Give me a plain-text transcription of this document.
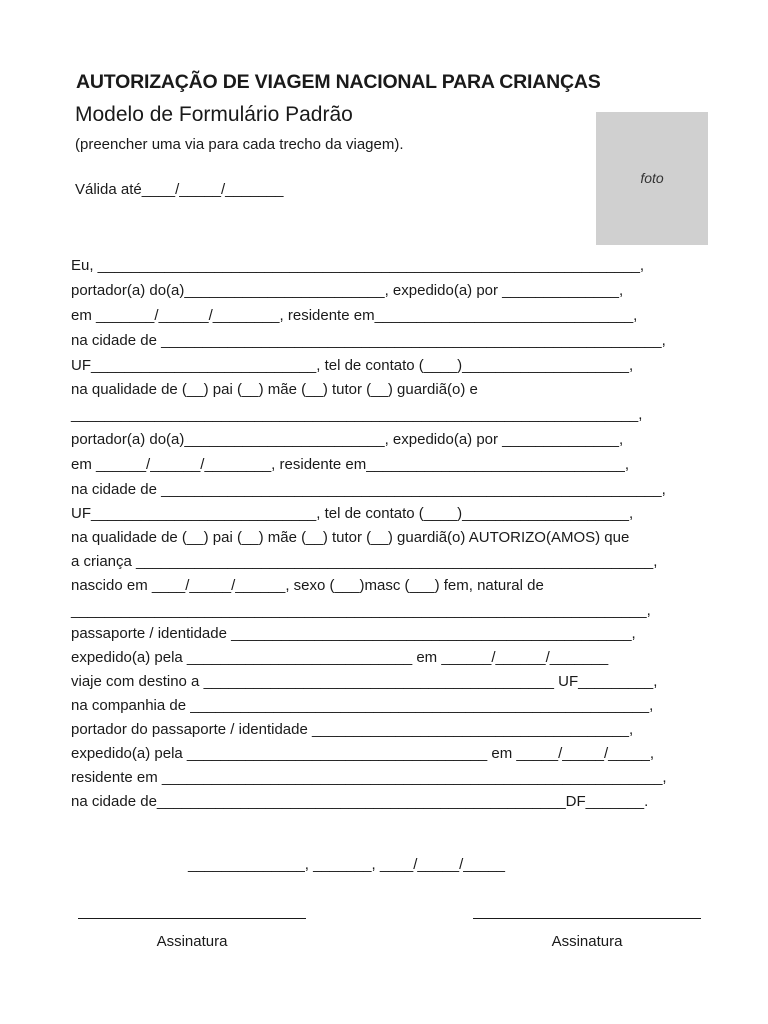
AUTORIZAÇÃO DE VIAGEM NACIONAL PARA CRIANÇAS
Modelo de Formulário Padrão
(preencher uma via para cada trecho da viagem).
Válida até____/_____/_______
foto
Eu, _________________________________________________________________,
portador(a) do(a)________________________, expedido(a) por ______________,
em _______/______/________, residente em_______________________________,
na cidade de ____________________________________________________________,
UF___________________________, tel de contato (____)____________________,
na qualidade de (__) pai (__) mãe (__) tutor (__) guardiã(o) e
____________________________________________________________________,
portador(a) do(a)________________________, expedido(a) por ______________,
em ______/______/________, residente em_______________________________,
na cidade de ____________________________________________________________,
UF___________________________, tel de contato (____)____________________,
na qualidade de (__) pai (__) mãe (__) tutor (__) guardiã(o) AUTORIZO(AMOS) que
a criança ______________________________________________________________,
nascido em ____/_____/______, sexo (___)masc (___) fem, natural de
_____________________________________________________________________,
passaporte / identidade ________________________________________________,
expedido(a) pela ___________________________ em ______/______/_______
viaje com destino a __________________________________________ UF_________,
na companhia de _______________________________________________________,
portador do passaporte / identidade ______________________________________,
expedido(a) pela ____________________________________ em _____/_____/_____,
residente em ____________________________________________________________,
na cidade de_________________________________________________DF_______.
______________, _______, ____/_____/_____
Assinatura	Assinatura
